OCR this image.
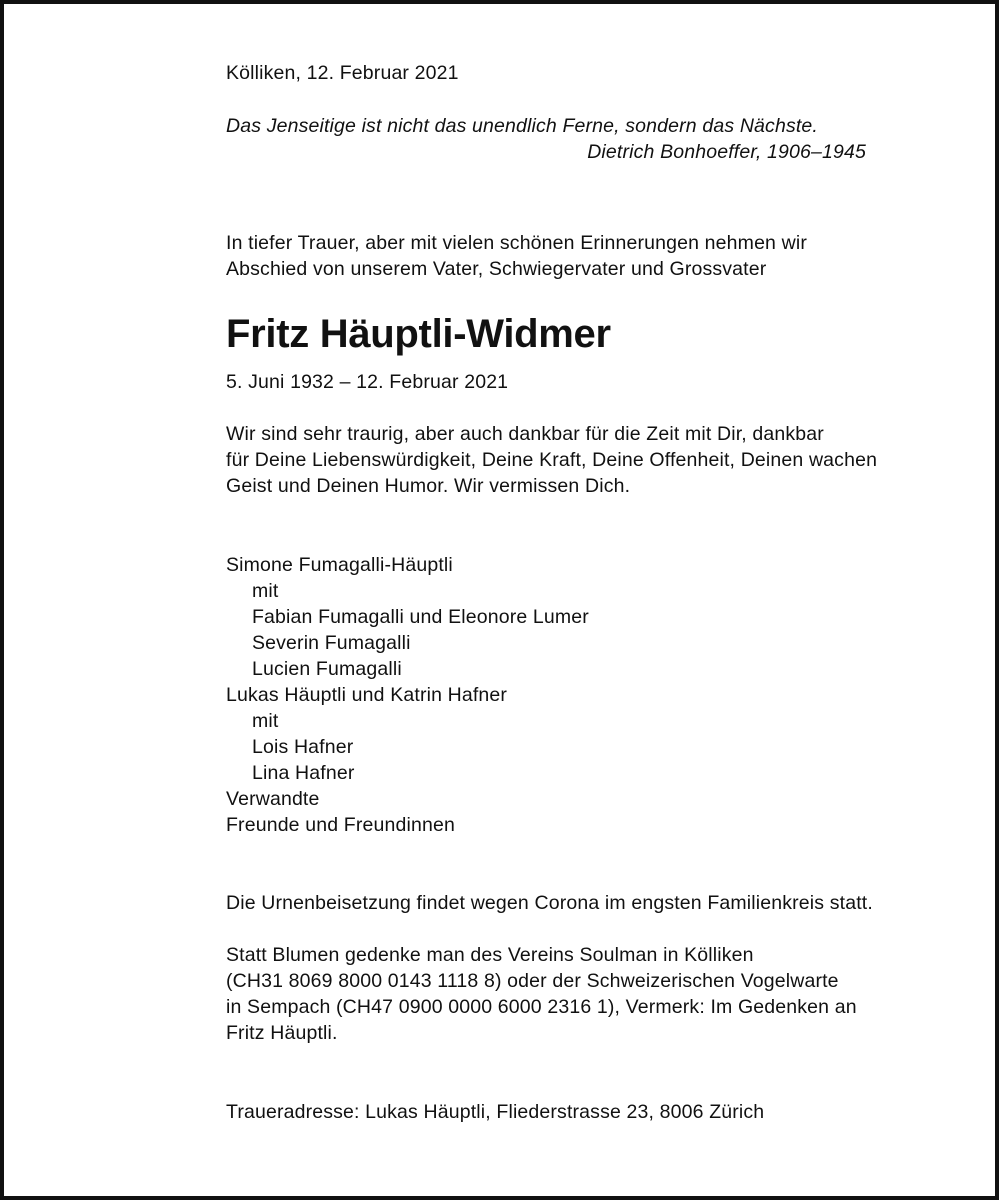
Kölliken, 12. Februar 2021
Das Jenseitige ist nicht das unendlich Ferne, sondern das Nächste.
Dietrich Bonhoeffer, 1906–1945
In tiefer Trauer, aber mit vielen schönen Erinnerungen nehmen wir
Abschied von unserem Vater, Schwiegervater und Grossvater
Fritz Häuptli-Widmer
5. Juni 1932 – 12. Februar 2021
Wir sind sehr traurig, aber auch dankbar für die Zeit mit Dir, dankbar
für Deine Liebenswürdigkeit, Deine Kraft, Deine Offenheit, Deinen wachen
Geist und Deinen Humor. Wir vermissen Dich.
Simone Fumagalli-Häuptli
mit
Fabian Fumagalli und Eleonore Lumer
Severin Fumagalli
Lucien Fumagalli
Lukas Häuptli und Katrin Hafner
mit
Lois Hafner
Lina Hafner
Verwandte
Freunde und Freundinnen
Die Urnenbeisetzung findet wegen Corona im engsten Familienkreis statt.
Statt Blumen gedenke man des Vereins Soulman in Kölliken
(CH31 8069 8000 0143 1118 8) oder der Schweizerischen Vogelwarte
in Sempach (CH47 0900 0000 6000 2316 1), Vermerk: Im Gedenken an
Fritz Häuptli.
Traueradresse: Lukas Häuptli, Fliederstrasse 23, 8006 Zürich
